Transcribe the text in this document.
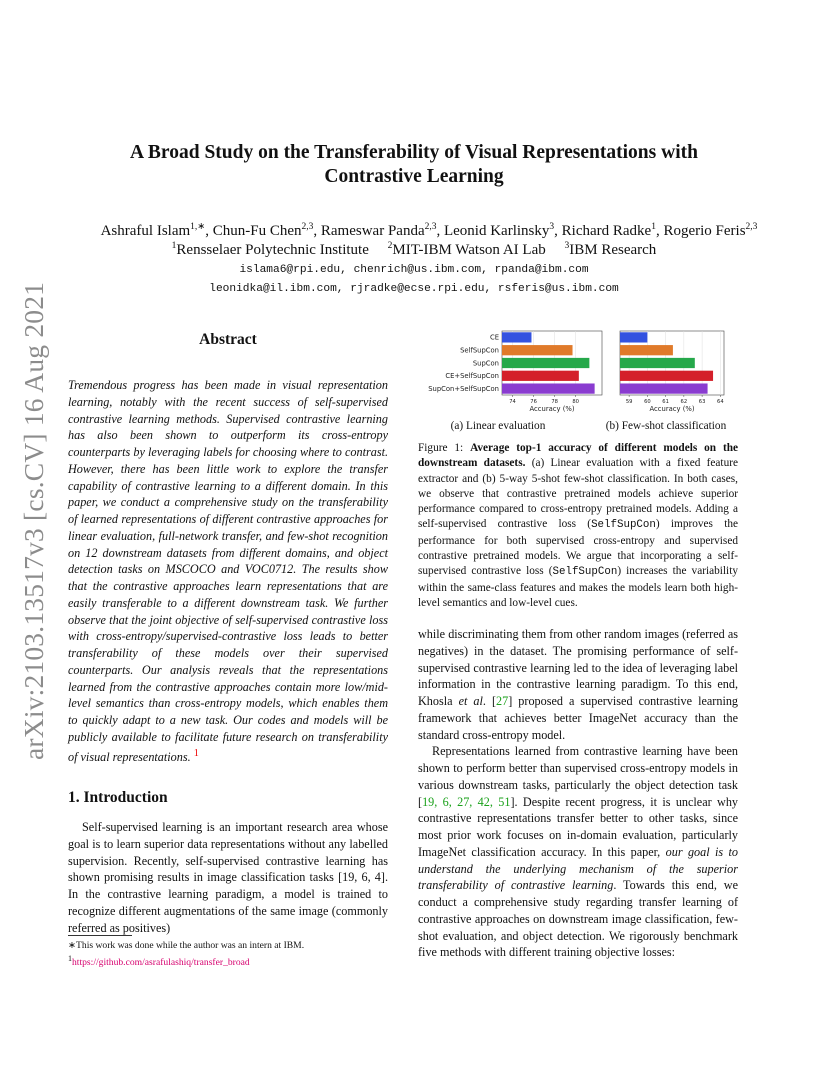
A Broad Study on the Transferability of Visual Representations with
Contrastive Learning
Ashraful Islam$^{1,∗}$, Chun-Fu Chen$^{2,3}$, Rameswar Panda$^{2,3}$, Leonid Karlinsky$^3$, Richard Radke$^1$, Rogerio Feris$^{2,3}$
$^1$Rensselaer Polytechnic Institute $^2$MIT-IBM Watson AI Lab $^3$IBM Research
islama6@rpi.edu, chenrich@us.ibm.com, rpanda@ibm.com
leonidka@il.ibm.com, rjradke@ecse.rpi.edu, rsferis@us.ibm.com
arXiv:2103.13517v3 [cs.CV] 16 Aug 2021	Abstract
Tremendous progress has been made in visual representation learning, notably with the recent success of self-supervised contrastive learning methods. Supervised contrastive learning has also been shown to outperform its cross-entropy counterparts by leveraging labels for choosing where to contrast. However, there has been little work to explore the transfer capability of contrastive learning to a different domain. In this paper, we conduct a comprehensive study on the transferability of learned representations of different contrastive approaches for linear evaluation, full-network transfer, and few-shot recognition on 12 downstream datasets from different domains, and object detection tasks on MSCOCO and VOC0712. The results show that the contrastive approaches learn representations that are easily transferable to a different downstream task. We further observe that the joint objective of self-supervised contrastive loss with cross-entropy/supervised-contrastive loss leads to better transferability of these models over their supervised counterparts. Our analysis reveals that the representations learned from the contrastive approaches contain more low/mid-level semantics than cross-entropy models, which enables them to quickly adapt to a new task. Our codes and models will be publicly available to facilitate future research on transferability of visual representations. $^1$
1. Introduction
Self-supervised learning is an important research area whose goal is to learn superior data representations without any labelled supervision. Recently, self-supervised contrastive learning has shown promising results in image classification tasks [19, 6, 4]. In the contrastive learning paradigm, a model is trained to recognize different augmentations of the same image (commonly referred as positives)
∗This work was done while the author was an intern at IBM.
$^1$https://github.com/asrafulashiq/transfer_broad
74	76	78	80
CE
SelfSupCon
SupCon
CE+SelfSupCon
SupCon+SelfSupCon
Accuracy (%)
59 60 61 62 63 64
Accuracy (%)
(a) Linear evaluation	(b) Few-shot classification
Figure 1: Average top-1 accuracy of different models on the downstream datasets. (a) Linear evaluation with a fixed feature extractor and (b) 5-way 5-shot few-shot classification. In both cases, we observe that contrastive pretrained models achieve superior performance compared to cross-entropy pretrained models. Adding a self-supervised contrastive loss (SelfSupCon) improves the performance for both supervised cross-entropy and supervised contrastive pretrained models. We argue that incorporating a self-supervised contrastive loss (SelfSupCon) increases the variability within the same-class features and makes the models learn both high-level semantics and low-level cues.

while discriminating them from other random images (referred as negatives) in the dataset. The promising performance of self-supervised contrastive learning led to the idea of leveraging label information in the contrastive learning paradigm. To this end, Khosla et al. [27] proposed a supervised contrastive learning framework that achieves better ImageNet accuracy than the standard cross-entropy model.

Representations learned from contrastive learning have been shown to perform better than supervised cross-entropy models in various downstream tasks, particularly the object detection task [19, 6, 27, 42, 51]. Despite recent progress, it is unclear why contrastive representations transfer better to other tasks, since most prior work focuses on in-domain evaluation, particularly ImageNet classification accuracy. In this paper, our goal is to understand the underlying mechanism of the superior transferability of contrastive learning. Towards this end, we conduct a comprehensive study regarding transfer learning of contrastive approaches on downstream image classification, few-shot evaluation, and object detection. We rigorously benchmark five methods with different training objective losses:
